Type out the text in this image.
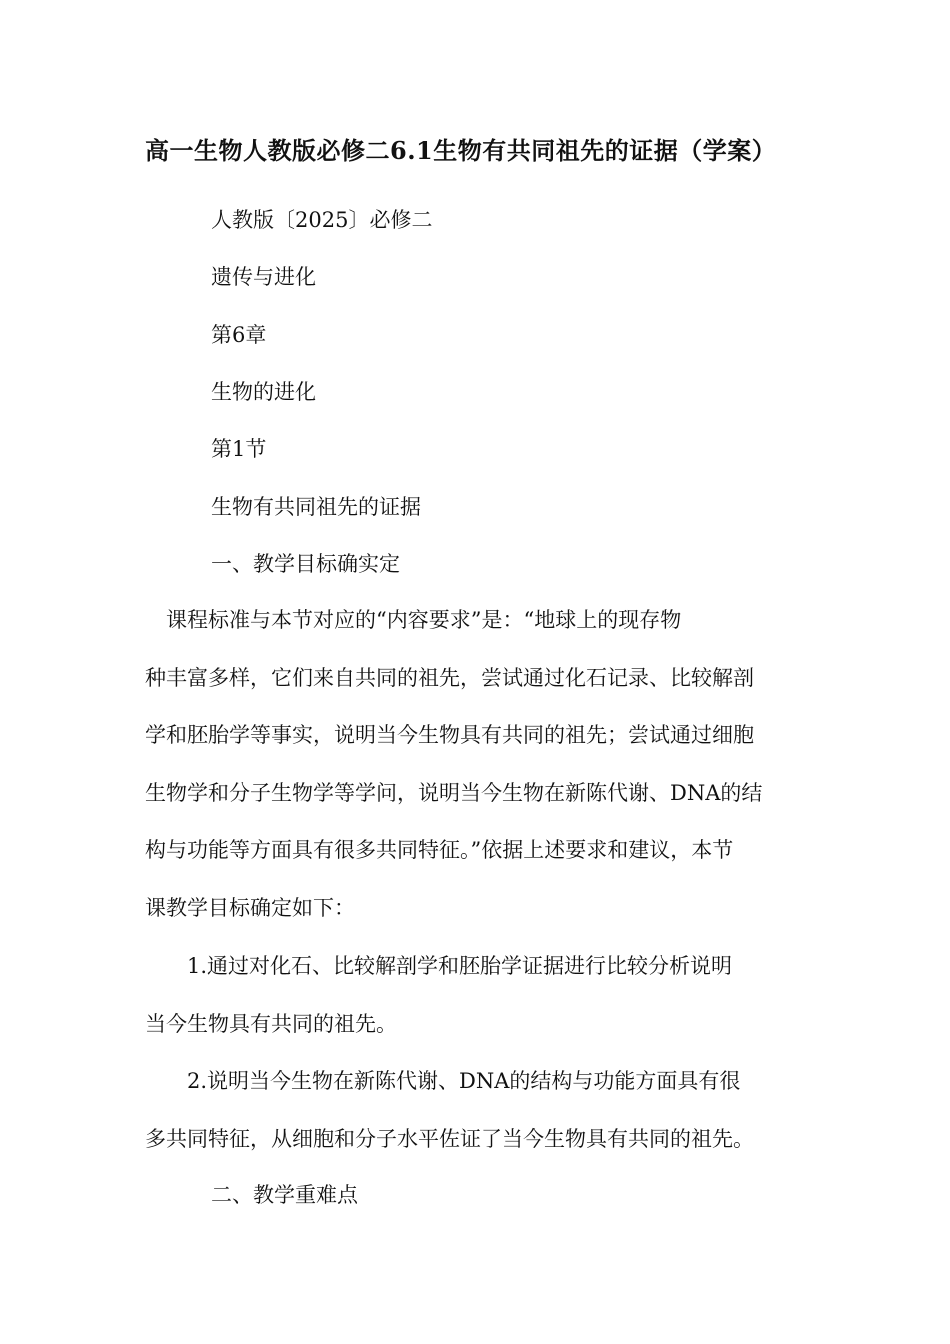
高一生物人教版必修二6.1生物有共同祖先的证据（学案）
人教版〔2025〕必修二
遗传与进化
第6章
生物的进化
第1节
生物有共同祖先的证据
一、教学目标确实定
　课程标准与本节对应的“内容要求”是：“地球上的现存物
种丰富多样，它们来自共同的祖先，尝试通过化石记录、比较解剖
学和胚胎学等事实，说明当今生物具有共同的祖先；尝试通过细胞
生物学和分子生物学等学问，说明当今生物在新陈代谢、DNA的结
构与功能等方面具有很多共同特征。”依据上述要求和建议，本节
课教学目标确定如下：
　　1.通过对化石、比较解剖学和胚胎学证据进行比较分析说明
当今生物具有共同的祖先。
　　2.说明当今生物在新陈代谢、DNA的结构与功能方面具有很
多共同特征，从细胞和分子水平佐证了当今生物具有共同的祖先。
二、教学重难点
